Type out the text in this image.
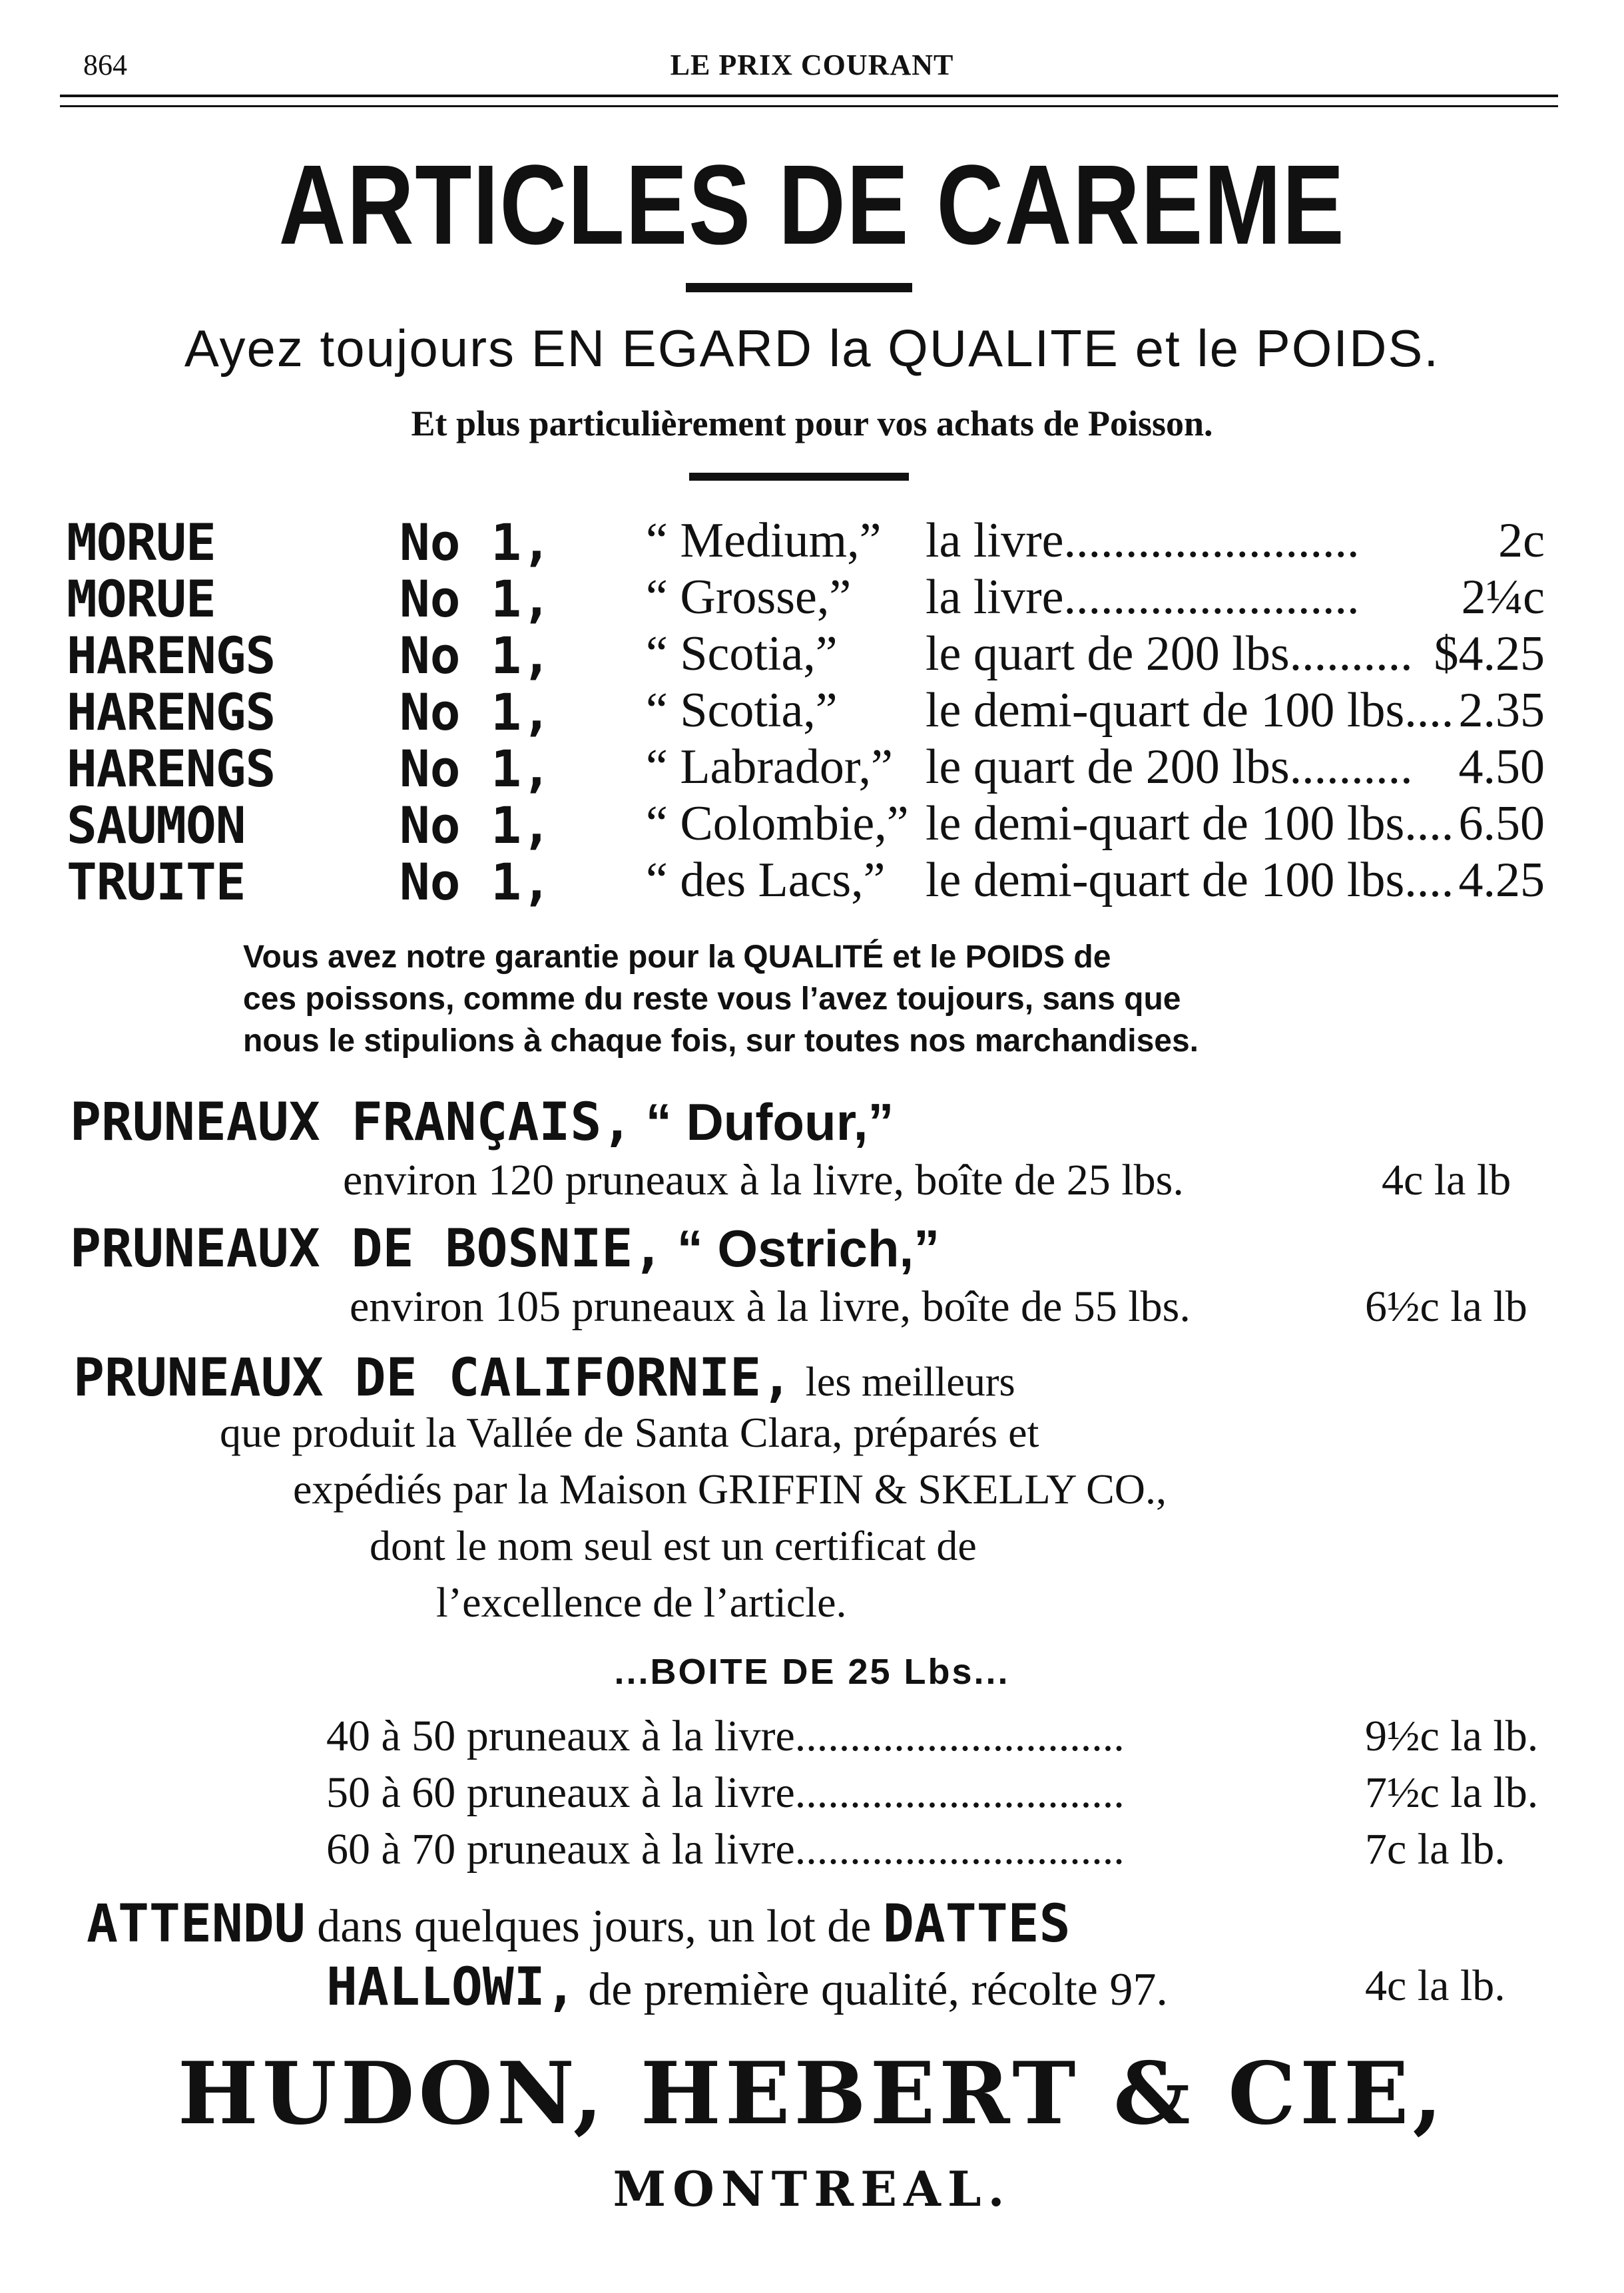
864	LE PRIX COURANT
ARTICLES DE CAREME
Ayez toujours EN EGARD la QUALITE et le POIDS.
Et plus particulièrement pour vos achats de Poisson.
MORUE	No 1, “ Medium,” la livre........................	2c
MORUE	No 1, “ Grosse,” la livre........................ 2¼c
HARENGS No 1, “ Scotia,” le quart de 200 lbs.......... $4.25
HARENGS No 1, “ Scotia,” le demi-quart de 100 lbs.... 2.35
HARENGS No 1, “ Labrador,” le quart de 200 lbs.......... 4.50
SAUMON	No 1, “ Colombie,” le demi-quart de 100 lbs.... 6.50
TRUITE	No 1, “ des Lacs,” le demi-quart de 100 lbs.... 4.25
Vous avez notre garantie pour la QUALITÉ et le POIDS de
ces poissons, comme du reste vous l’avez toujours, sans que
nous le stipulions à chaque fois, sur toutes nos marchandises.
PRUNEAUX FRANÇAIS, “ Dufour,”
environ 120 pruneaux à la livre, boîte de 25 lbs.	4c la lb
PRUNEAUX DE BOSNIE, “ Ostrich,”
environ 105 pruneaux à la livre, boîte de 55 lbs.	6½c la lb
PRUNEAUX DE CALIFORNIE, les meilleurs
que produit la Vallée de Santa Clara, préparés et
expédiés par la Maison GRIFFIN & SKELLY CO.,
dont le nom seul est un certificat de
l’excellence de l’article.
...BOITE DE 25 Lbs...
40 à 50 pruneaux à la livre..............................	9½c la lb.
50 à 60 pruneaux à la livre..............................	7½c la lb.
60 à 70 pruneaux à la livre..............................	7c la lb.
ATTENDU dans quelques jours, un lot de DATTES
HALLOWI, de première qualité, récolte 97.	4c la lb.
HUDON, HEBERT & CIE,
MONTREAL.
